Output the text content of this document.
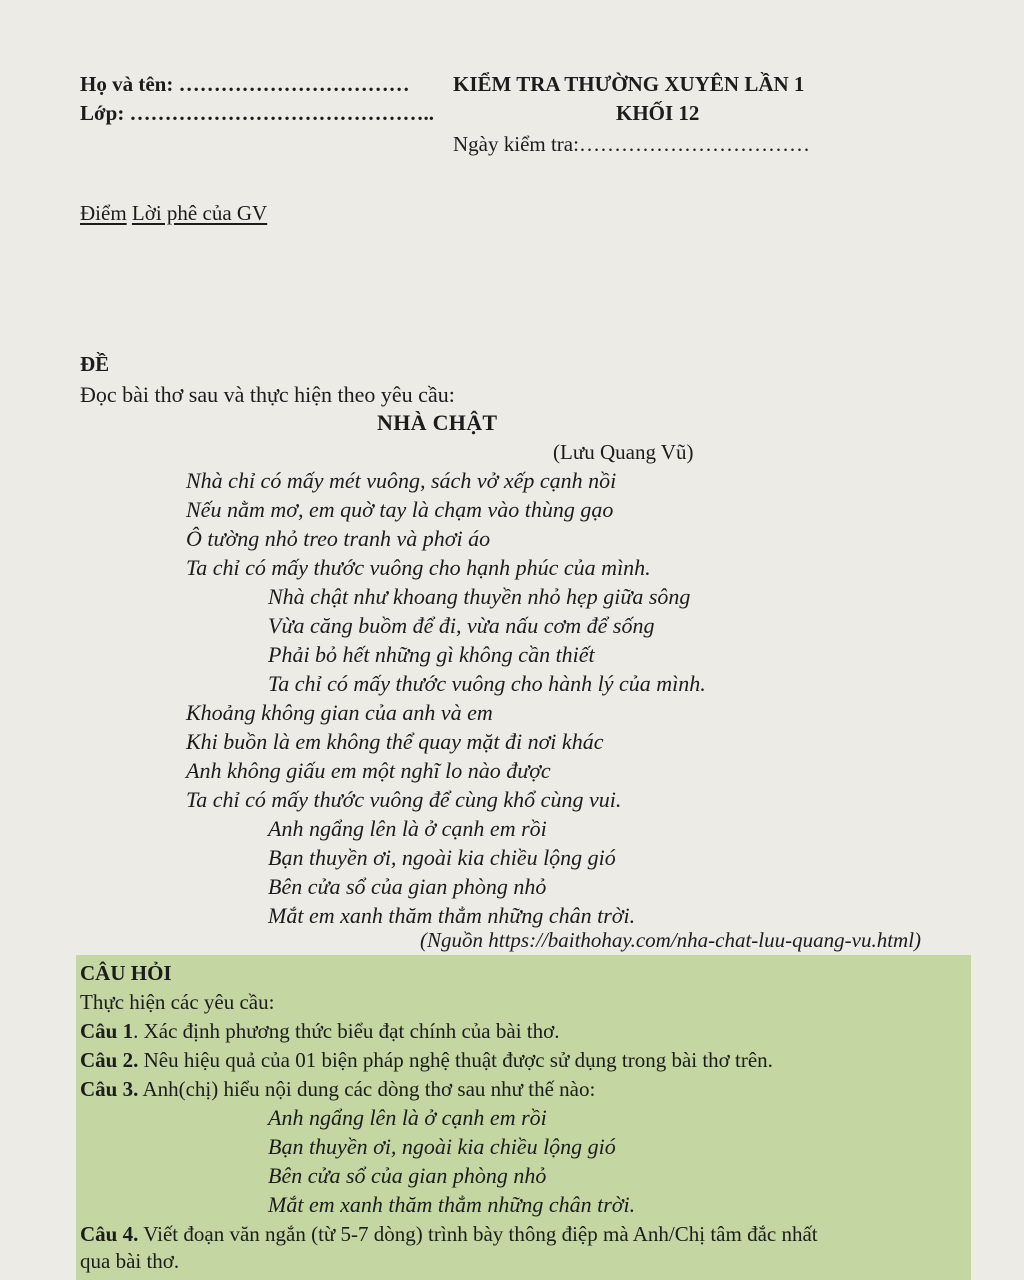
Họ và tên: …………………………… KIỂM TRA THƯỜNG XUYÊN LẦN 1
Lớp: ……………………………………..	KHỐI 12
Ngày kiểm tra:……………………………
Điểm Lời phê của GV
ĐỀ
Đọc bài thơ sau và thực hiện theo yêu cầu:
NHÀ CHẬT
(Lưu Quang Vũ)
Nhà chỉ có mấy mét vuông, sách vở xếp cạnh nồi
Nếu nằm mơ, em quờ tay là chạm vào thùng gạo
Ô tường nhỏ treo tranh và phơi áo
Ta chỉ có mấy thước vuông cho hạnh phúc của mình.
Nhà chật như khoang thuyền nhỏ hẹp giữa sông
Vừa căng buồm để đi, vừa nấu cơm để sống
Phải bỏ hết những gì không cần thiết
Ta chỉ có mấy thước vuông cho hành lý của mình.
Khoảng không gian của anh và em
Khi buồn là em không thể quay mặt đi nơi khác
Anh không giấu em một nghĩ lo nào được
Ta chỉ có mấy thước vuông để cùng khổ cùng vui.
Anh ngẩng lên là ở cạnh em rồi
Bạn thuyền ơi, ngoài kia chiều lộng gió
Bên cửa sổ của gian phòng nhỏ
Mắt em xanh thăm thẳm những chân trời.
(Nguồn https://baithohay.com/nha-chat-luu-quang-vu.html)
CÂU HỎI
Thực hiện các yêu cầu:
Câu 1. Xác định phương thức biểu đạt chính của bài thơ.
Câu 2. Nêu hiệu quả của 01 biện pháp nghệ thuật được sử dụng trong bài thơ trên.
Câu 3. Anh(chị) hiểu nội dung các dòng thơ sau như thế nào:
Anh ngẩng lên là ở cạnh em rồi
Bạn thuyền ơi, ngoài kia chiều lộng gió
Bên cửa sổ của gian phòng nhỏ
Mắt em xanh thăm thẳm những chân trời.
Câu 4. Viết đoạn văn ngắn (từ 5-7 dòng) trình bày thông điệp mà Anh/Chị tâm đắc nhất
qua bài thơ.
